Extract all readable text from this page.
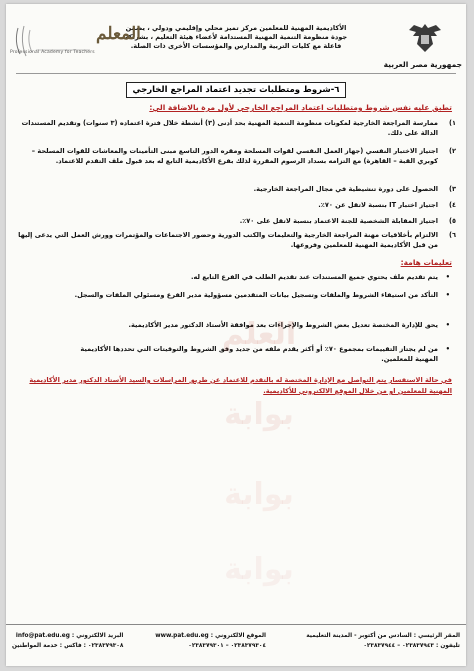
جمهورية مصر العربية
الأكاديمية المهنية للمعلمين مركز تميز محلي وإقليمي ودولي ، يضمن
جودة منظومة التنمية المهنية المستدامة لأعضاء هيئة التعليم ، بشراكة
فاعلة مع كليات التربية والمدارس والمؤسسات الأخرى ذات الصلة.
المعلم
Professional Academy for Teachers
٦-شروط ومتطلبات تجديد اعتماد المراجع الخارجي
تطبق عليه نفس شروط ومتطلبات اعتماد المراجع الخارجي لأول مرة بالاضافة الي:
١)
ممارسة المراجعة الخارجية لمكونات منظومة التنمية المهنية بحد أدنى (٣) أنشطة خلال فترة اعتماده (٣ سنوات) وتقديم المستندات الدالة على ذلك.
٢)
اجتياز الاختبار النفسي (جهاز العمل النفسي لقوات المسلحة ومقره الدور التاسع مبنى التأمينات والمعاشات للقوات المسلحة – كوبري القبة – القاهرة) مع التزامه بسداد الرسوم المقررة لذلك بفرع الأكاديمية التابع له بعد قبول ملف التقدم للاعتماد.
٣)
الحصول على دورة تنشيطية في مجال المراجعة الخارجية.
٤)
اجتياز اختبار IT بنسبة لاتقل عن ٧٠٪.
٥)
اجتياز المقابلة الشخصية للجنة الاعتماد بنسبة لاتقل على ٧٠٪.
٦)
الالتزام بأخلاقيات مهنة المراجعة الخارجية والتعليمات والكتب الدورية وحضور الاجتماعات والمؤتمرات وورش العمل التي يدعى إليها من قبل الأكاديمية المهنية للمعلمين وفروعها.
تعليمات هامة:
•
يتم تقديم ملف يحتوي جميع المستندات عند تقديم الطلب في الفرع التابع له.
•
التأكد من استيفاء الشروط والملفات وتسجيل بيانات المتقدمين مسؤولية مدير الفرع ومسئولي الملفات والسجل.
•
يحق للإدارة المختصة تعديل بعض الشروط والإجراءات بعد موافقة الأستاذ الدكتور مدير الأكاديمية.
•
من لم يجتاز التقييمات بمجموع ٧٠٪ أو أكثر يقدم ملفه من جديد وفق الشروط والتوقيتات التي تحددها الأكاديمية المهنية للمعلمين.
في حالة الاستفسار يتم التواصل مع الإدارة المختصة له بالتقدم للاعتماد عن طريق المراسلات والسيد الأستاذ الدكتور مدير الأكاديمية المهنية للمعلمين او من خلال الموقع الالكتروني للأكاديمية.
العلم
بوابة
بوابة
بوابة
المقر الرئيسي : السادس من أكتوبر - المدينة التعليمية
تليفون : ٠٢٣٨٣٧٩٤٣ – ٠٢٣٨٣٧٩٤٤
الموقع الالكتروني : www.pat.edu.eg
٠٢٣٨٣٧٩٣٠٤ – ٠٢٣٨٣٧٩٣٠١
البريد الالكتروني : info@pat.edu.eg
٠٢٣٨٣٧٩٣٠٨ : فاكس : خدمة المواطنين
